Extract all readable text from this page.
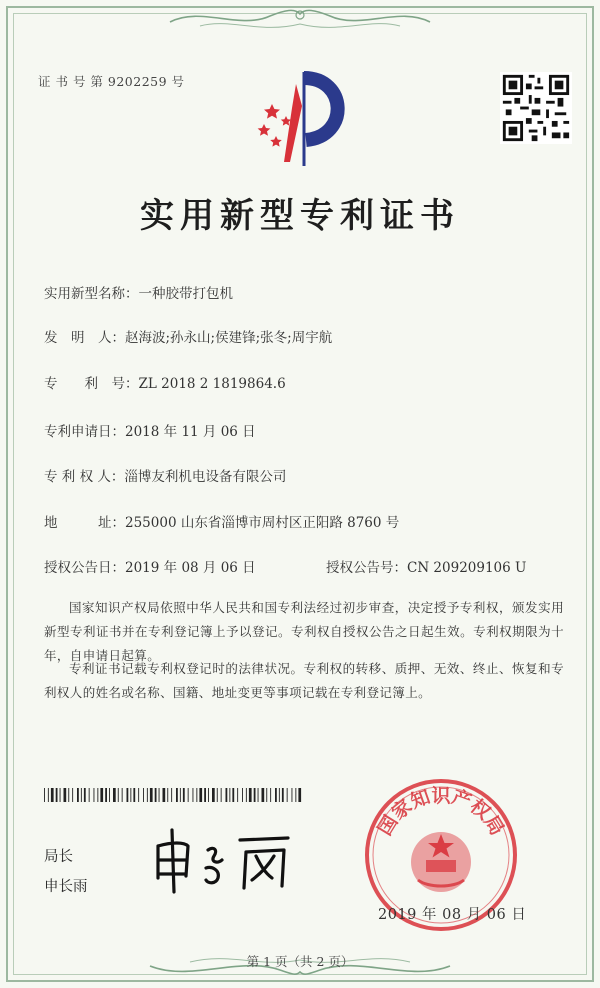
证 书 号 第 9202259 号
实用新型专利证书
实用新型名称：一种胶带打包机
发　明　人：赵海波;孙永山;侯建锋;张冬;周宇航
专　　利　号：ZL 2018 2 1819864.6
专利申请日：2018 年 11 月 06 日
专 利 权 人：淄博友利机电设备有限公司
地　　　址：255000 山东省淄博市周村区正阳路 8760 号
授权公告日：2019 年 08 月 06 日	授权公告号：CN 209209106 U
国家知识产权局依照中华人民共和国专利法经过初步审查，决定授予专利权，颁发实用新型专利证书并在专利登记簿上予以登记。专利权自授权公告之日起生效。专利权期限为十年，自申请日起算。
专利证书记载专利权登记时的法律状况。专利权的转移、质押、无效、终止、恢复和专利权人的姓名或名称、国籍、地址变更等事项记载在专利登记簿上。
局长
申长雨
国家知识产权局
2019 年 08 月 06 日
第 1 页（共 2 页）
